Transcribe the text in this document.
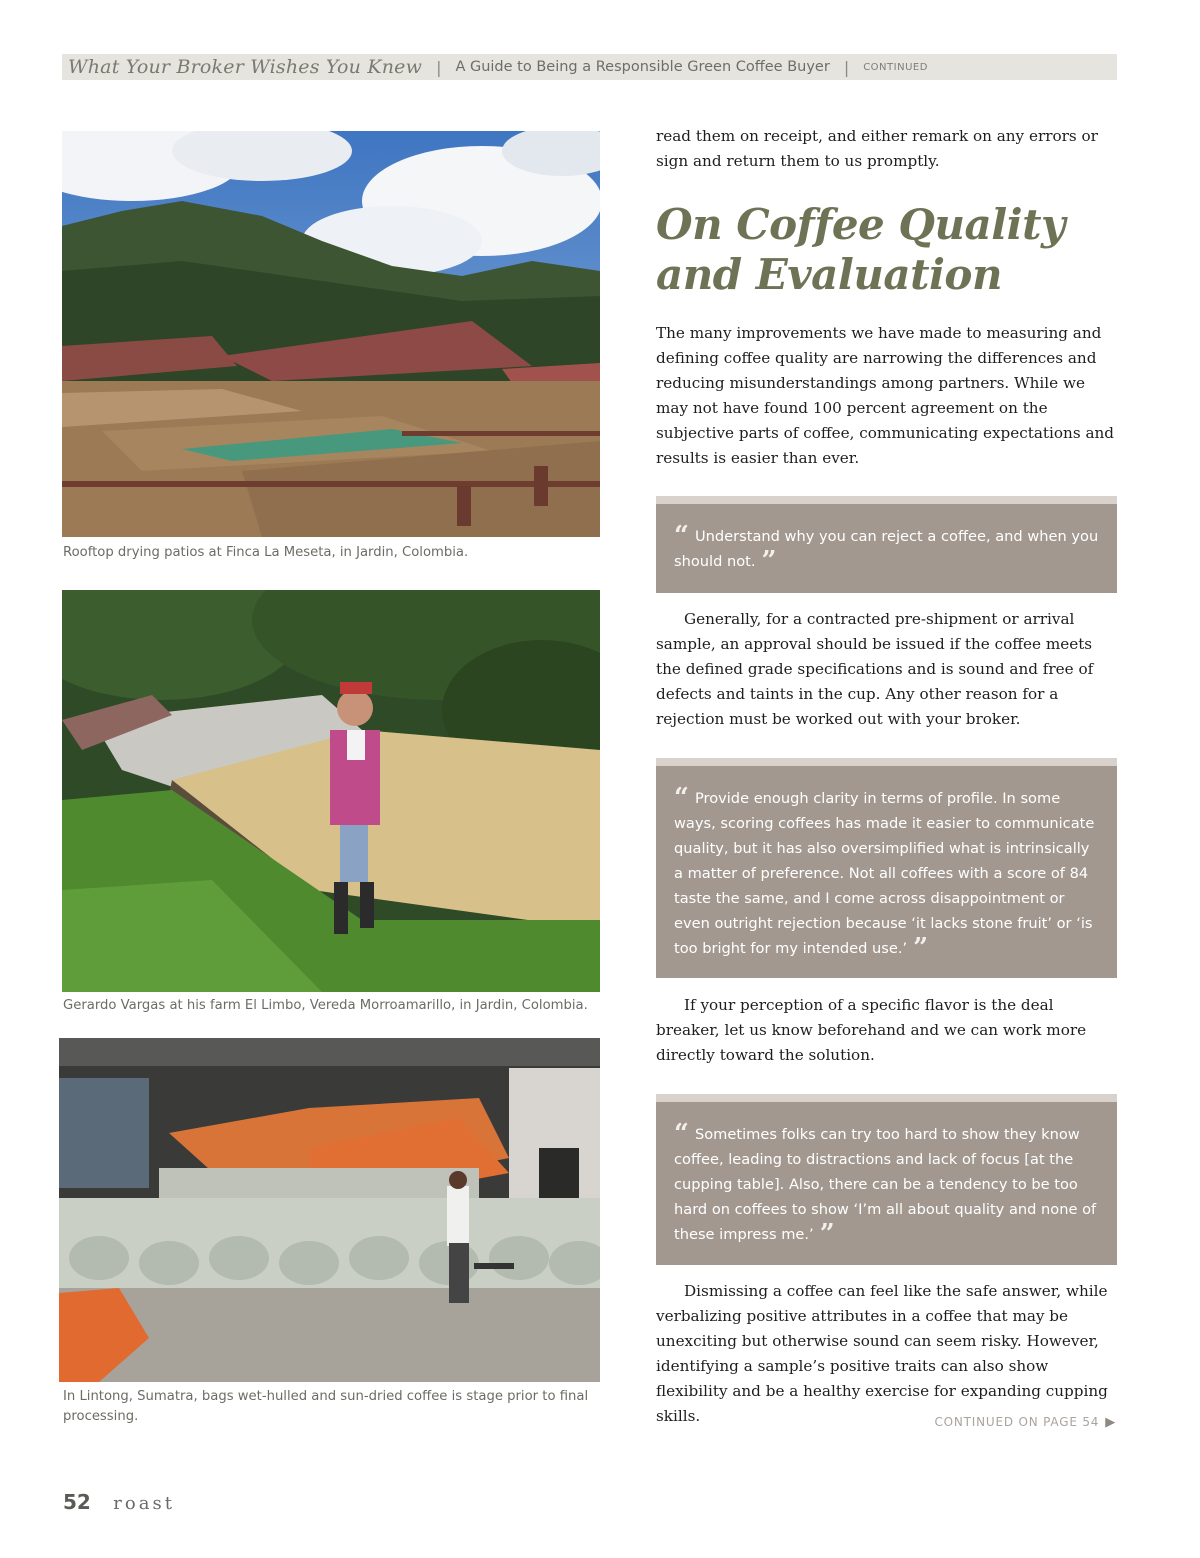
What Your Broker Wishes You Knew | A Guide to Being a Responsible Green Coffee Buyer | CONTINUED
Rooftop drying patios at Finca La Meseta, in Jardin, Colombia.
Gerardo Vargas at his farm El Limbo, Vereda Morroamarillo, in Jardin, Colombia.
In Lintong, Sumatra, bags wet-hulled and sun-dried coffee is stage prior to final processing.

read them on receipt, and either remark on any errors or sign and return them to us promptly.

On Coffee Quality
and Evaluation

The many improvements we have made to measuring and defining coffee quality are narrowing the differences and reducing misunderstandings among partners. While we may not have found 100 percent agreement on the subjective parts of coffee, communicating expectations and results is easier than ever.

“ Understand why you can reject a coffee, and when you should not. ”

Generally, for a contracted pre-shipment or arrival sample, an approval should be issued if the coffee meets the defined grade specifications and is sound and free of defects and taints in the cup. Any other reason for a rejection must be worked out with your broker.

“ Provide enough clarity in terms of profile. In some ways, scoring coffees has made it easier to communicate quality, but it has also oversimplified what is intrinsically a matter of preference. Not all coffees with a score of 84 taste the same, and I come across disappointment or even outright rejection because ‘it lacks stone fruit’ or ‘is too bright for my intended use.’ ”

If your perception of a specific flavor is the deal breaker, let us know beforehand and we can work more directly toward the solution.

“ Sometimes folks can try too hard to show they know coffee, leading to distractions and lack of focus [at the cupping table]. Also, there can be a tendency to be too hard on coffees to show ‘I’m all about quality and none of these impress me.’ ”

Dismissing a coffee can feel like the safe answer, while verbalizing positive attributes in a coffee that may be unexciting but otherwise sound can seem risky. However, identifying a sample’s positive traits can also show flexibility and be a healthy exercise for expanding cupping skills.	CONTINUED ON PAGE 54 ▶
52 roast
